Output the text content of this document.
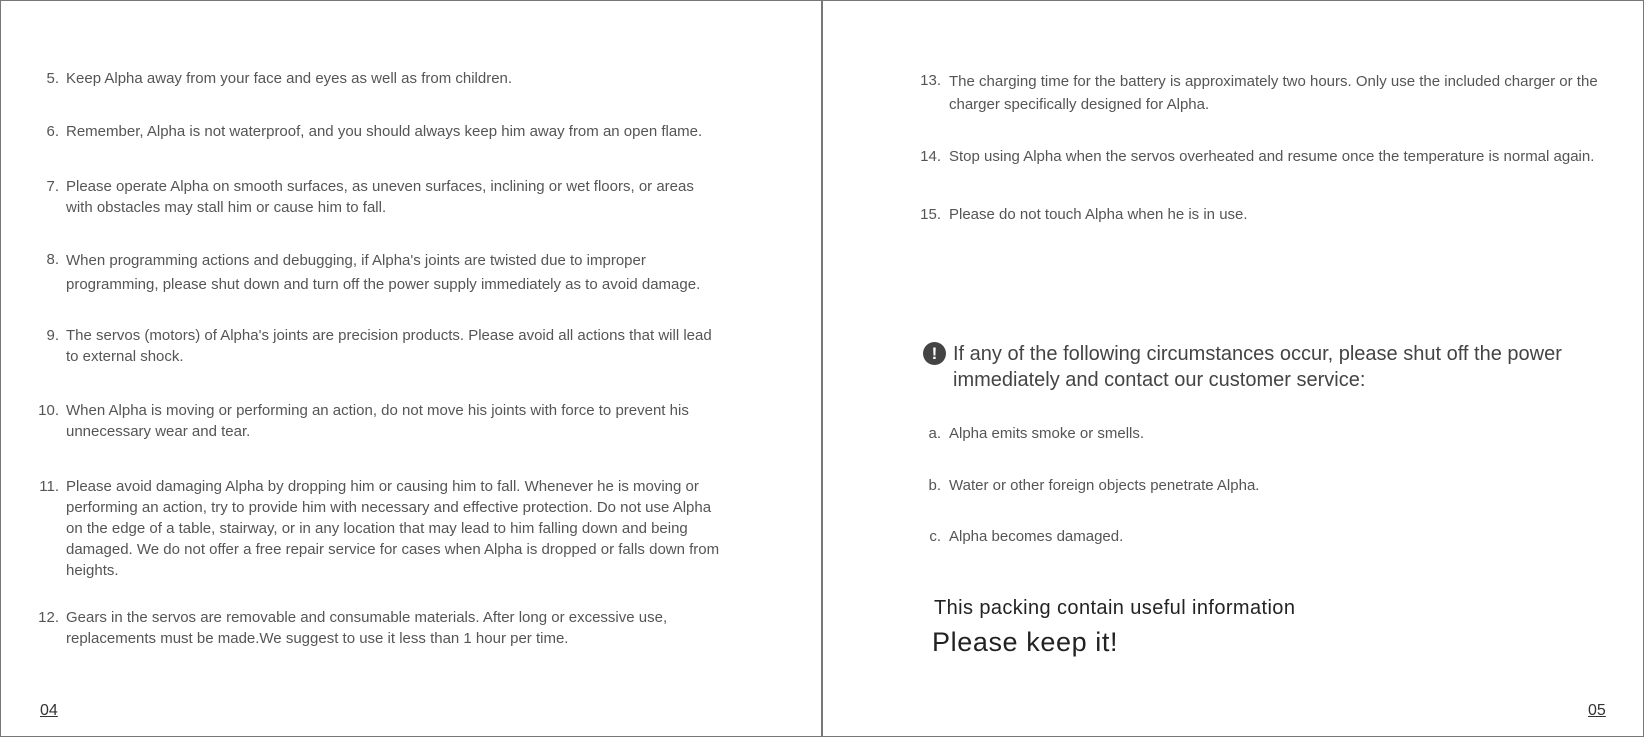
5. Keep Alpha away from your face and eyes as well as from children.
6. Remember, Alpha is not waterproof, and you should always keep him away from an open flame.
7. Please operate Alpha on smooth surfaces, as uneven surfaces, inclining or wet floors, or areas with obstacles may stall him or cause him to fall.
8. When programming actions and debugging, if Alpha's joints are twisted due to improper programming, please shut down and turn off the power supply immediately as to avoid damage.
9. The servos (motors) of Alpha's joints are precision products. Please avoid all actions that will lead to external shock.
10. When Alpha is moving or performing an action, do not move his joints with force to prevent his unnecessary wear and tear.
11. Please avoid damaging Alpha by dropping him or causing him to fall. Whenever he is moving or performing an action, try to provide him with necessary and effective protection. Do not use Alpha on the edge of a table, stairway, or in any location that may lead to him falling down and being damaged. We do not offer a free repair service for cases when Alpha is dropped or falls down from heights.
12. Gears in the servos are removable and consumable materials. After long or excessive use, replacements must be made.We suggest to use it less than 1 hour per time.
04
13. The charging time for the battery is approximately two hours. Only use the included charger or the charger specifically designed for Alpha.
14. Stop using Alpha when the servos overheated and resume once the temperature is normal again.
15. Please do not touch Alpha when he is in use.
! If any of the following circumstances occur, please shut off the power immediately and contact our customer service:
a. Alpha emits smoke or smells.
b. Water or other foreign objects penetrate Alpha.
c. Alpha becomes damaged.
This packing contain useful information
Please keep it!
05
